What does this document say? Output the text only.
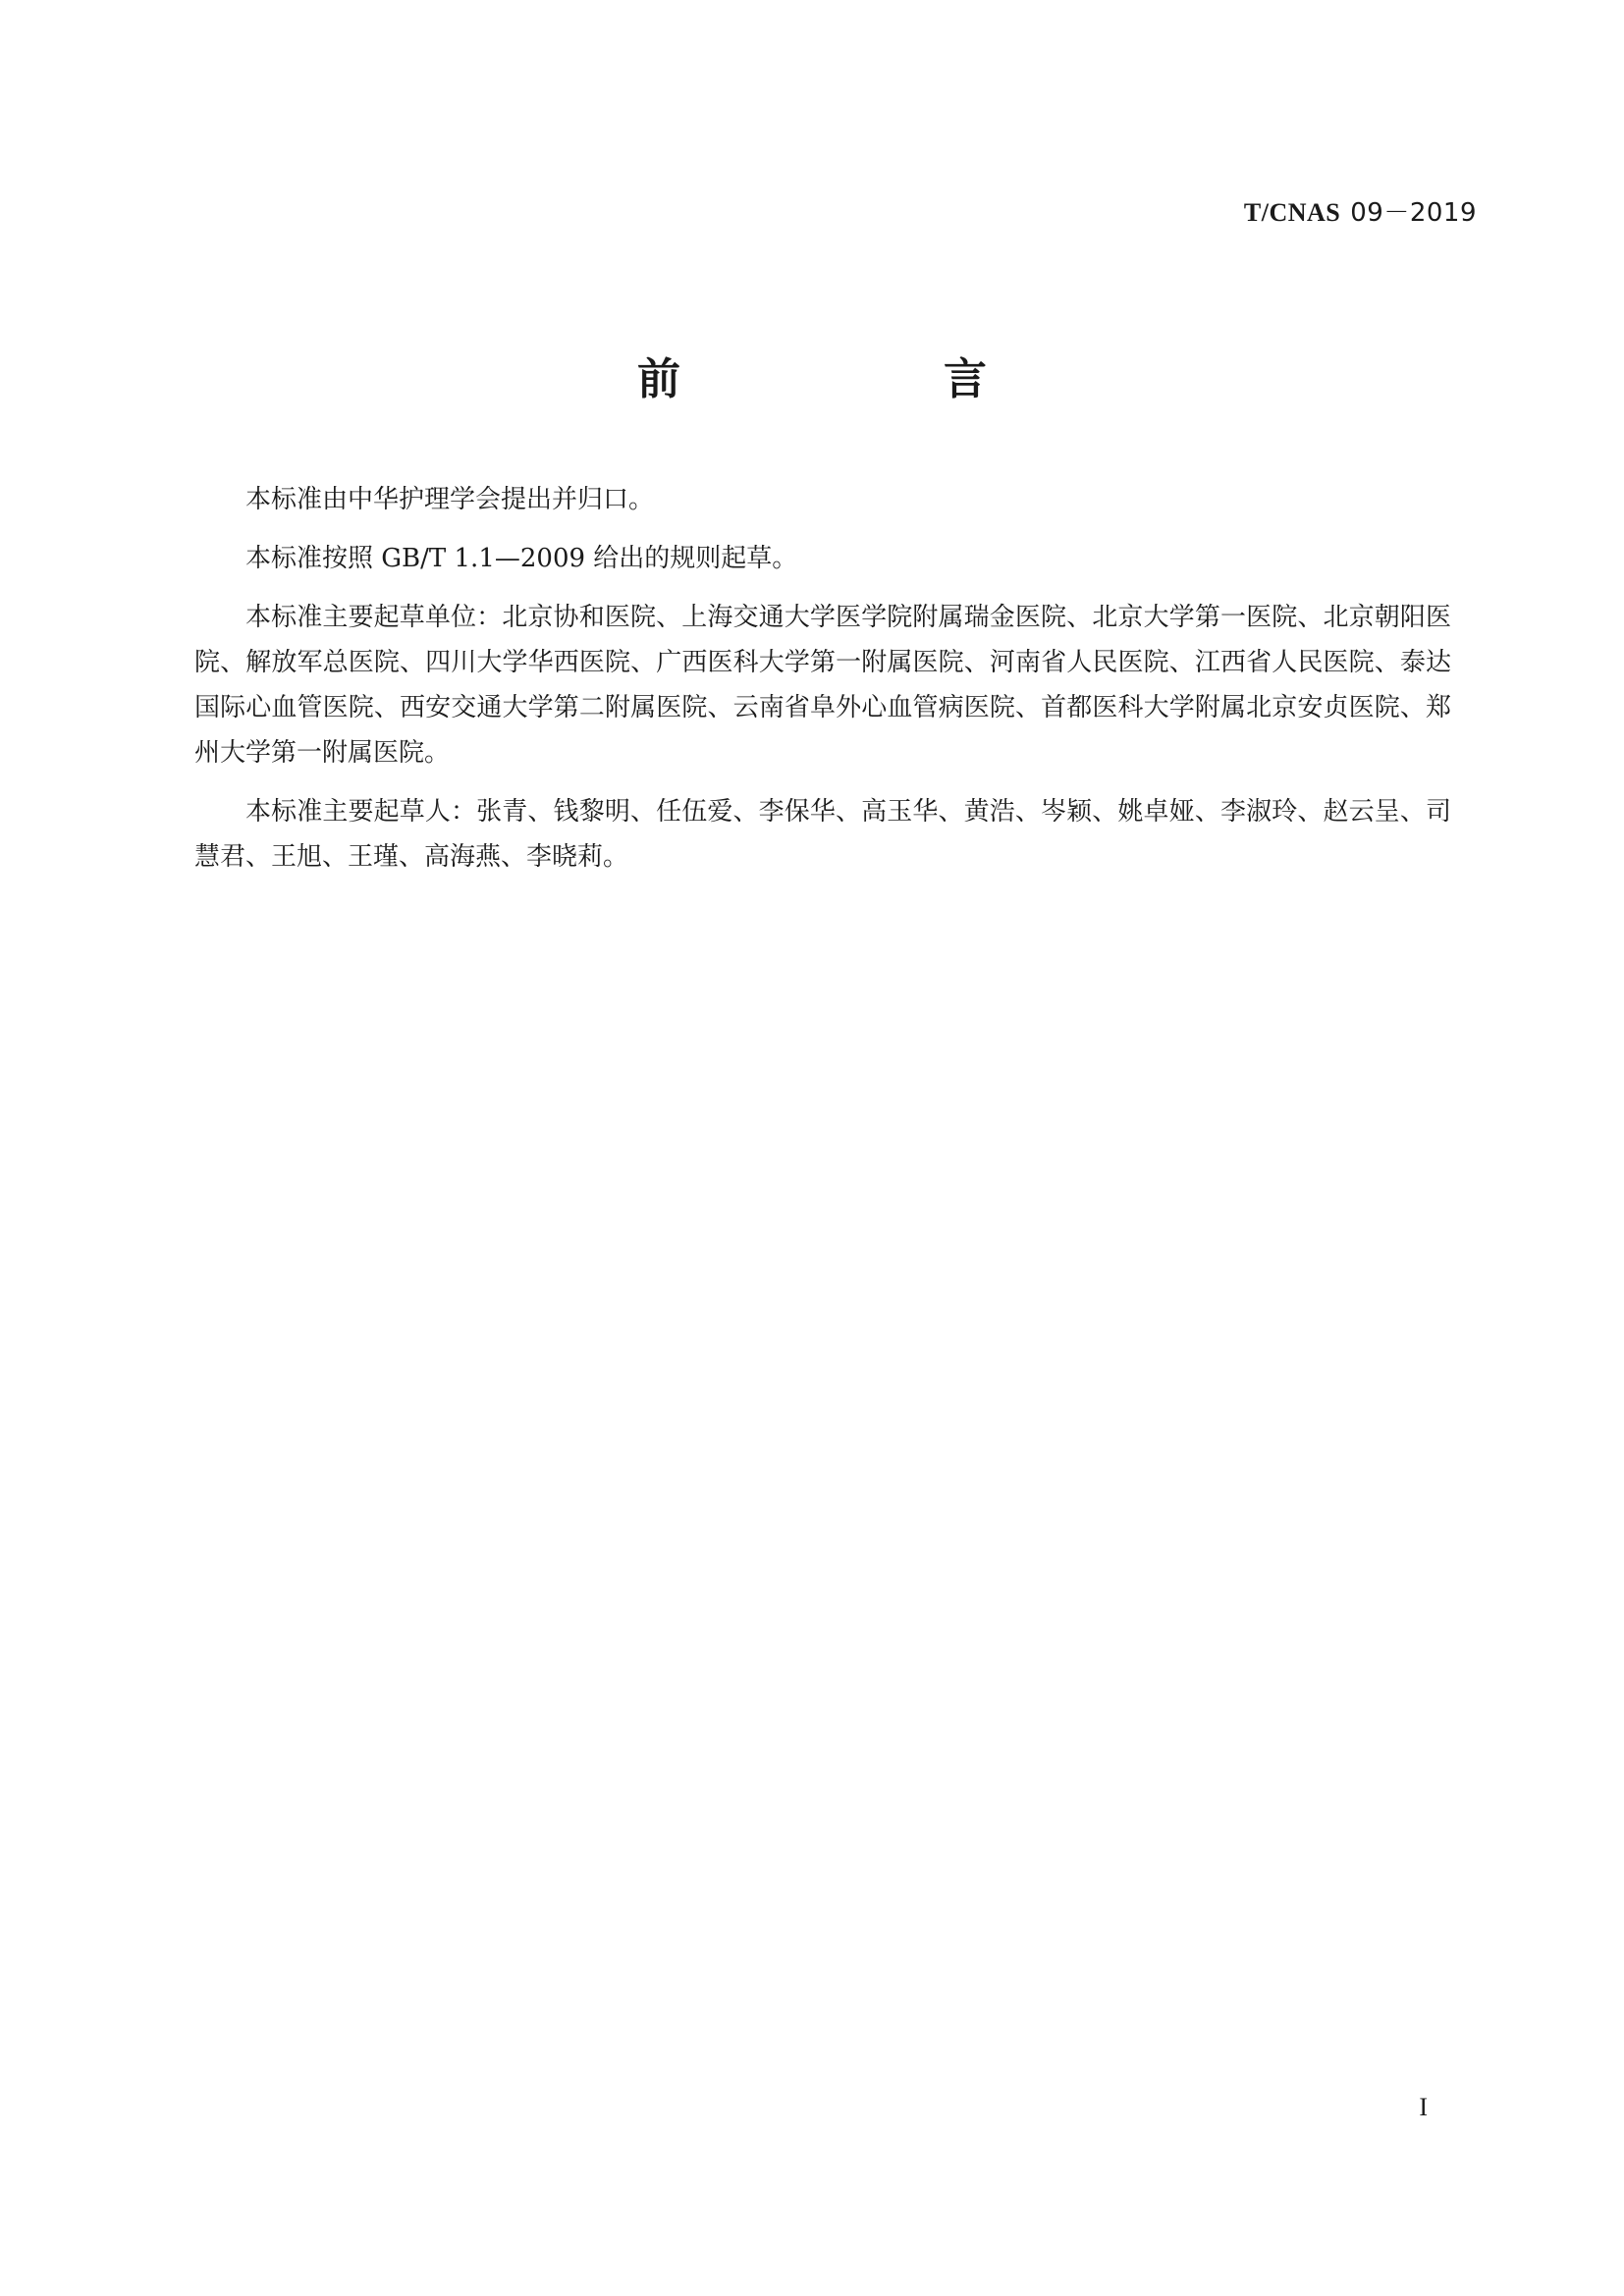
T/CNAS 09－2019
前　　言

本标准由中华护理学会提出并归口。

本标准按照 GB/T 1.1—2009 给出的规则起草。

本标准主要起草单位：北京协和医院、上海交通大学医学院附属瑞金医院、北京大学第一医院、北京朝阳医院、解放军总医院、四川大学华西医院、广西医科大学第一附属医院、河南省人民医院、江西省人民医院、泰达国际心血管医院、西安交通大学第二附属医院、云南省阜外心血管病医院、首都医科大学附属北京安贞医院、郑州大学第一附属医院。

本标准主要起草人：张青、钱黎明、任伍爱、李保华、高玉华、黄浩、岑颖、姚卓娅、李淑玲、赵云呈、司慧君、王旭、王瑾、高海燕、李晓莉。

I
